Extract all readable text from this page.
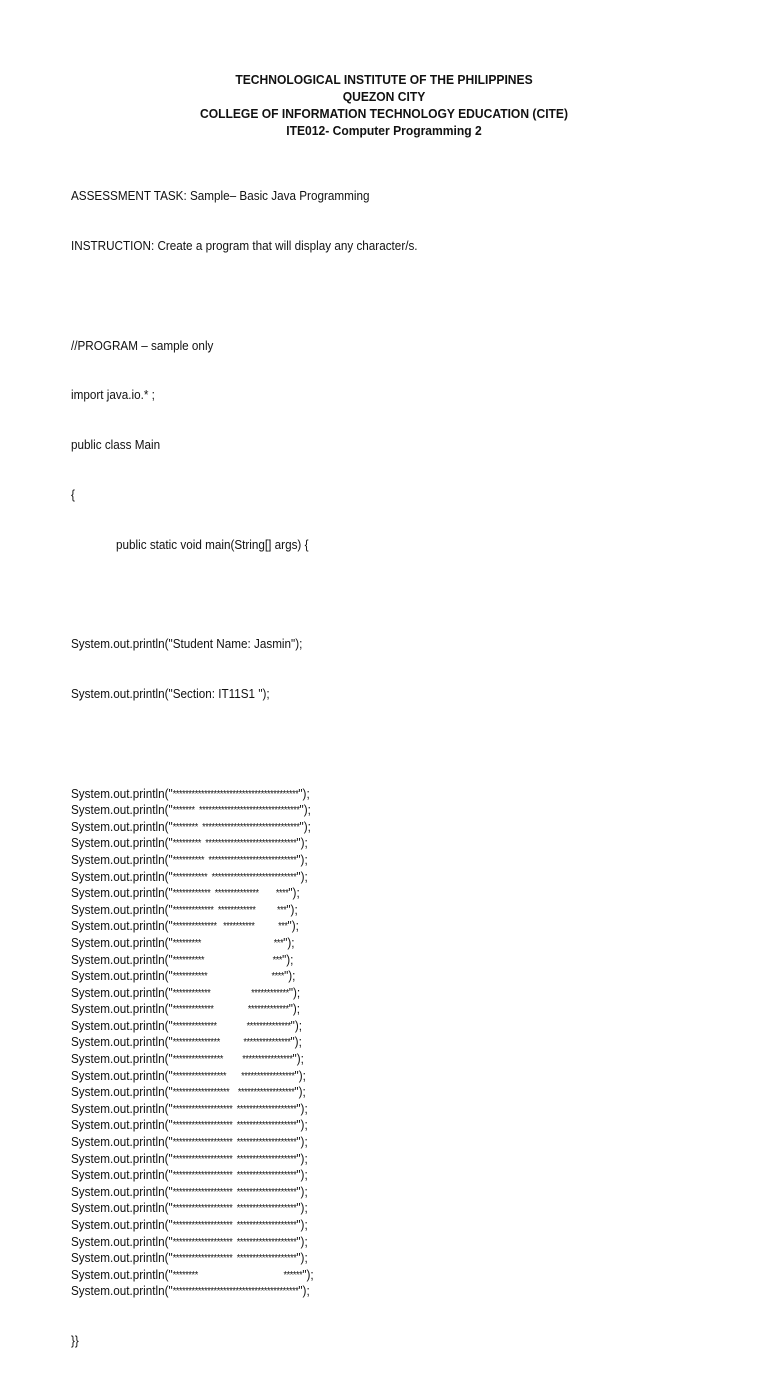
TECHNOLOGICAL INSTITUTE OF THE PHILIPPINES
QUEZON CITY
COLLEGE OF INFORMATION TECHNOLOGY EDUCATION (CITE)
ITE012- Computer Programming 2

ASSESSMENT TASK: Sample– Basic Java Programming

INSTRUCTION: Create a program that will display any character/s.

//PROGRAM – sample only

import java.io.* ;

public class Main

{

public static void main(String[] args) {

System.out.println("Student Name: Jasmin");

System.out.println("Section: IT11S1 ");

System.out.println("****************************************");
System.out.println("******* ********************************");
System.out.println("******** *******************************");
System.out.println("********* *****************************");
System.out.println("********** ****************************");
System.out.println("*********** ***************************");
System.out.println("************  ************** ****");
System.out.println("*************  ************ ***");
System.out.println("**************   ********** ***");
System.out.println("*********	***");
System.out.println("**********	***");
System.out.println("***********	****");
System.out.println("************	************");
System.out.println("*************	*************");
System.out.println("**************	**************");
System.out.println("*************** ***************");
System.out.println("**************** ****************");
System.out.println("***************** *****************");
System.out.println("****************** ******************");
System.out.println("******************* *******************");
System.out.println("******************* *******************");
System.out.println("******************* *******************");
System.out.println("******************* *******************");
System.out.println("******************* *******************");
System.out.println("******************* *******************");
System.out.println("******************* *******************");
System.out.println("******************* *******************");
System.out.println("******************* *******************");
System.out.println("******************* *******************");
System.out.println("********	******");
System.out.println("****************************************");

}}
